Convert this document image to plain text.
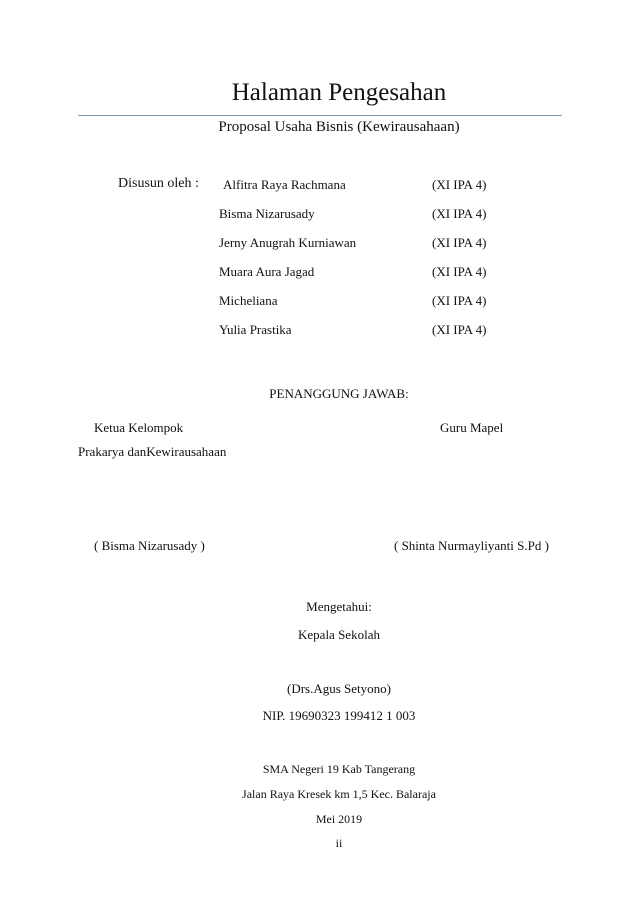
Halaman Pengesahan
Proposal Usaha Bisnis (Kewirausahaan)
Disusun oleh : Alfitra Raya Rachmana	(XI IPA 4)
Bisma Nizarusady	(XI IPA 4)
Jerny Anugrah Kurniawan	(XI IPA 4)
Muara Aura Jagad	(XI IPA 4)
Micheliana	(XI IPA 4)
Yulia Prastika	(XI IPA 4)
PENANGGUNG JAWAB:
Ketua Kelompok	Guru Mapel
Prakarya danKewirausahaan
( Bisma Nizarusady )	( Shinta Nurmayliyanti S.Pd )
Mengetahui:
Kepala Sekolah
(Drs.Agus Setyono)
NIP. 19690323 199412 1 003
SMA Negeri 19 Kab Tangerang
Jalan Raya Kresek km 1,5 Kec. Balaraja
Mei 2019
ii
